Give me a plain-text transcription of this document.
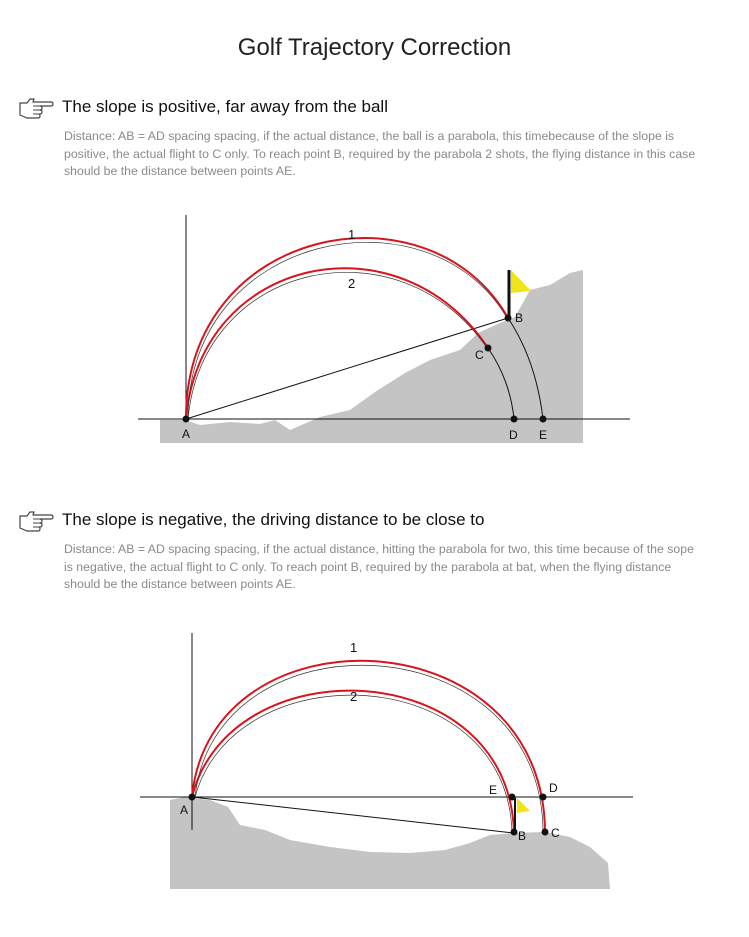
Golf Trajectory Correction
The slope is positive, far away from the ball
Distance: AB = AD spacing spacing, if the actual distance, the ball is a parabola, this timebecause of the slope is positive, the actual flight to C only. To reach point B, required by the parabola 2 shots, the flying distance in this case should be the distance between points AE.
1
2
A
B
C
D E
The slope is negative, the driving distance to be close to
Distance: AB = AD spacing spacing, if the actual distance, hitting the parabola for two, this time because of the sope is negative, the actual flight to C only. To reach point B, required by the parabola at bat, when the flying distance should be the distance between points AE.
1
2
A
E	D
B C
